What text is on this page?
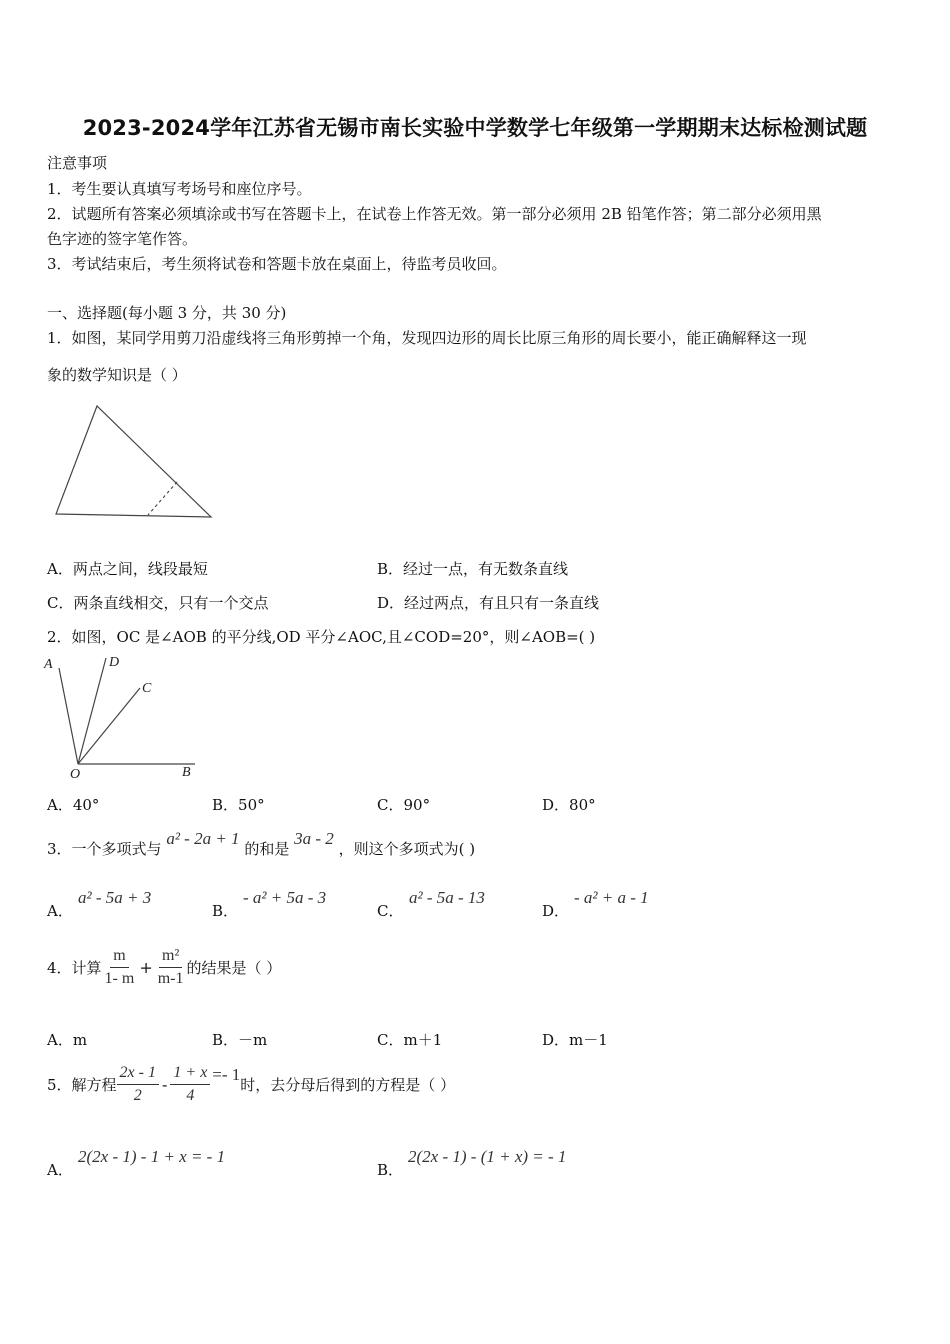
2023-2024学年江苏省无锡市南长实验中学数学七年级第一学期期末达标检测试题
注意事项
1．考生要认真填写考场号和座位序号。
2．试题所有答案必须填涂或书写在答题卡上，在试卷上作答无效。第一部分必须用 2B 铅笔作答；第二部分必须用黑
色字迹的签字笔作答。
3．考试结束后，考生须将试卷和答题卡放在桌面上，待监考员收回。
一、选择题(每小题 3 分，共 30 分)
1．如图，某同学用剪刀沿虚线将三角形剪掉一个角，发现四边形的周长比原三角形的周长要小，能正确解释这一现
象的数学知识是（ ）
A．两点之间，线段最短	B．经过一点，有无数条直线
C．两条直线相交，只有一个交点	D．经过两点，有且只有一条直线
2．如图，OC 是∠AOB 的平分线,OD 平分∠AOC,且∠COD=20°，则∠AOB=( )
A	D
C
O	B
A．40°	B．50°	C．90°	D．80°
3．一个多项式与 a² - 2a + 1 的和是 3a - 2 ，则这个多项式为( )
A．
a² - 5a + 3
B．
- a² + 5a - 3
C．
a² - 5a - 13
D．
- a² + a - 1
4．计算 $\frac{m}{1- m} + \frac{\text{m²}}{m-1}$ 的结果是（ ）
A．m	B．－m	C．m＋1	D．m－1
5．解方程 $\frac{2x - 1}{2} - \frac{1 + x}{4} =- 1$
时，去分母后得到的方程是（ ）
A．
2(2x - 1) - 1 + x = - 1
B．
2(2x - 1) - (1 + x) = - 1
